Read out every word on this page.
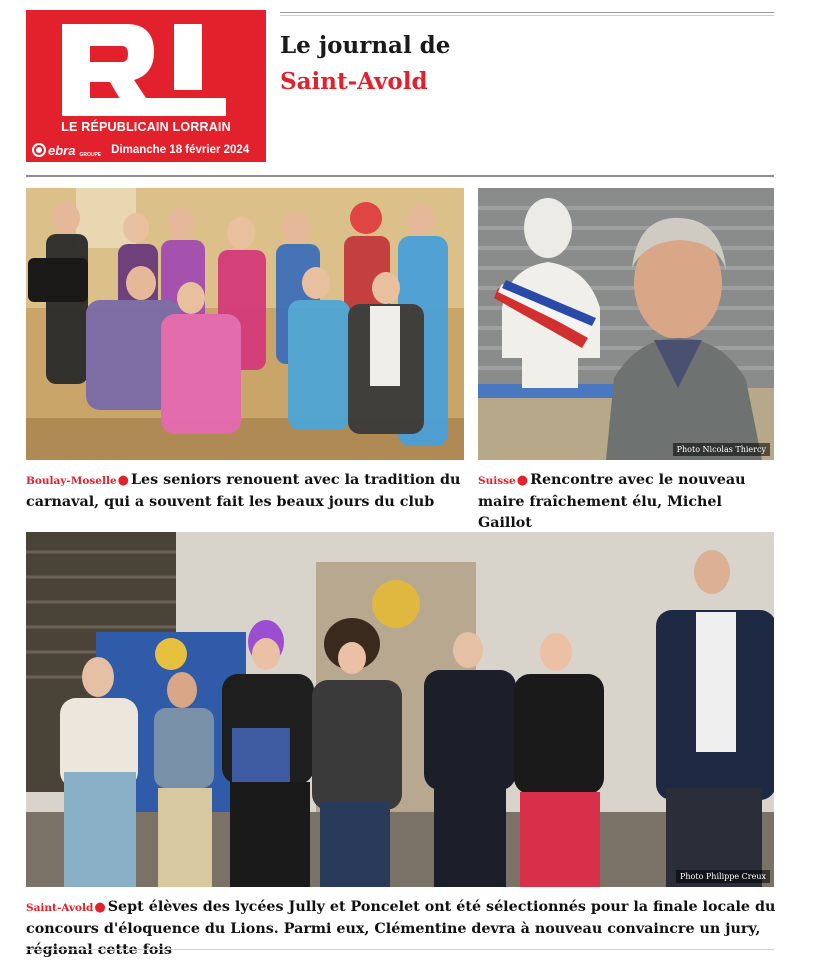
LE RÉPUBLICAIN LORRAIN
ebra GROUPE Dimanche 18 février 2024
Le journal de
Saint-Avold
Photo Nicolas Thiercy
Boulay-Moselle● Les seniors renouent avec la tradition du carnaval, qui a souvent fait les beaux jours du club
Suisse● Rencontre avec le nouveau maire fraîchement élu, Michel Gaillot
Photo Philippe Creux
Saint-Avold● Sept élèves des lycées Jully et Poncelet ont été sélectionnés pour la finale locale du concours d'éloquence du Lions. Parmi eux, Clémentine devra à nouveau convaincre un jury, régional cette fois
